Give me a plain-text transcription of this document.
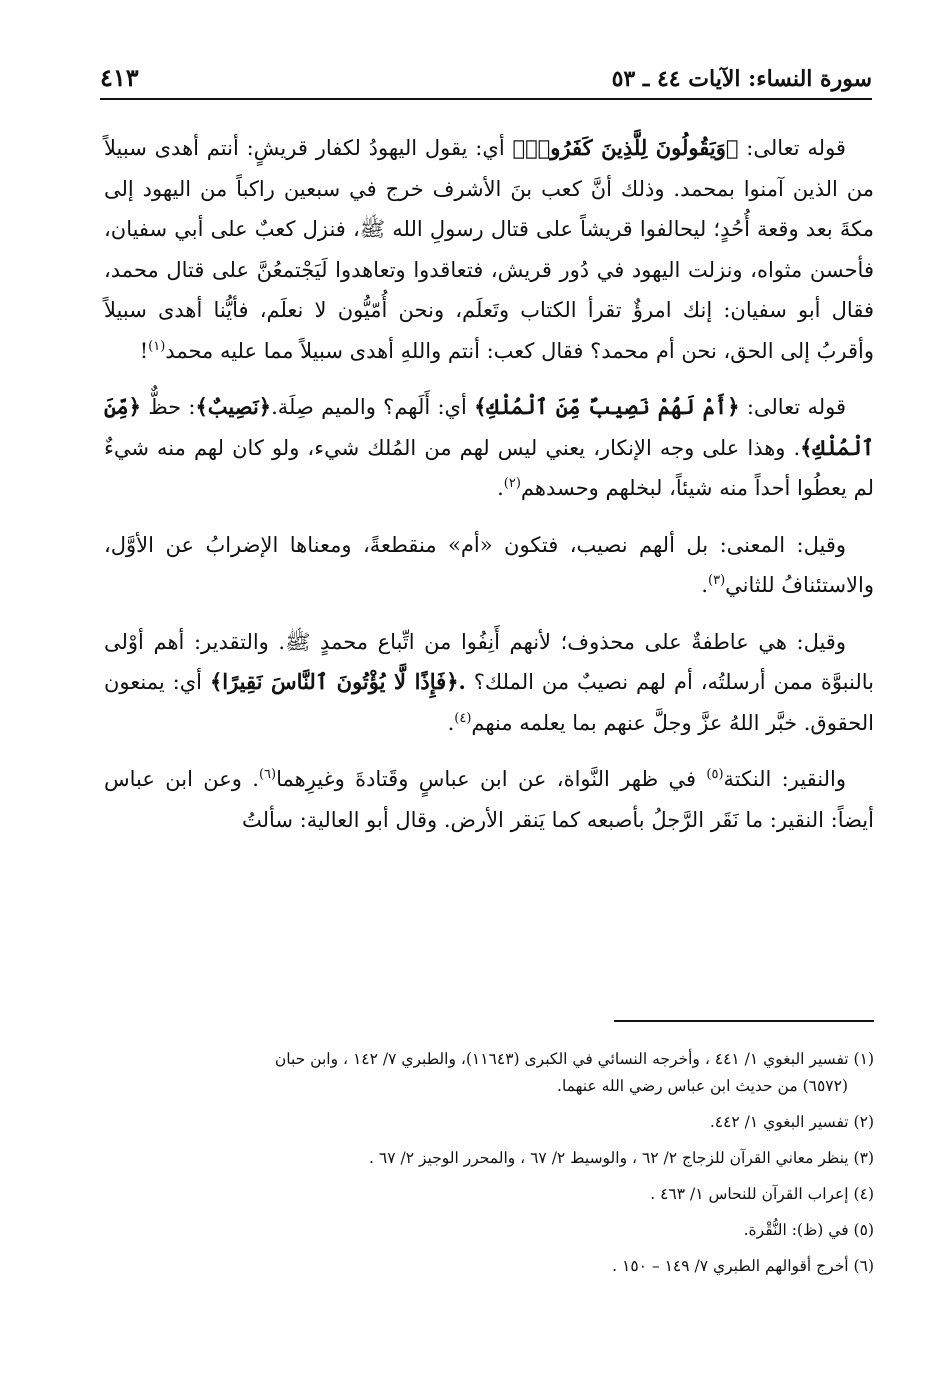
سورة النساء: الآيات ٤٤ ـ ٥٣
٤١٣

قوله تعالى: ﴿وَيَقُولُونَ لِلَّذِينَ كَفَرُوا۟﴾ أي: يقول اليهودُ لكفار قريشٍ: أنتم أهدى سبيلاً من الذين آمنوا بمحمد. وذلك أنَّ كعب بنَ الأشرف خرج في سبعين راكباً من اليهود إلى مكةَ بعد وقعة أُحُدٍ؛ ليحالفوا قريشاً على قتال رسولِ الله ﷺ، فنزل كعبٌ على أبي سفيان، فأحسن مثواه، ونزلت اليهود في دُور قريش، فتعاقدوا وتعاهدوا لَيَجْتمعُنَّ على قتال محمد، فقال أبو سفيان: إنك امرؤٌ تقرأ الكتاب وتَعلَم، ونحن أُمّيُّون لا نعلَم، فأيُّنا أهدى سبيلاً وأقربُ إلى الحق، نحن أم محمد؟ فقال كعب: أنتم واللهِ أهدى سبيلاً مما عليه محمد$^{(١)}$!

قوله تعالى: ﴿أَمْ لَهُمْ نَصِيبٌ مِّنَ ٱلْمُلْكِ﴾ أي: أَلَهم؟ والميم صِلَة.﴿نَصِيبٌ﴾: حظٌّ ﴿مِّنَ ٱلْمُلْكِ﴾. وهذا على وجه الإنكار، يعني ليس لهم من المُلك شيء، ولو كان لهم منه شيءٌ لم يعطُوا أحداً منه شيئاً، لبخلهم وحسدهم$^{(٢)}$.

وقيل: المعنى: بل ألهم نصيب، فتكون «أم» منقطعةً، ومعناها الإضرابُ عن الأوَّل، والاستئنافُ للثاني$^{(٣)}$.

وقيل: هي عاطفةٌ على محذوف؛ لأنهم أَنِفُوا من اتِّباع محمدٍ ﷺ. والتقدير: أهم أوْلى بالنبوَّة ممن أرسلتُه، أم لهم نصيبٌ من الملك؟ .﴿فَإِذًا لَّا يُؤْتُونَ ٱلنَّاسَ نَقِيرًا﴾ أي: يمنعون الحقوق. خبَّر اللهُ عزَّ وجلَّ عنهم بما يعلمه منهم$^{(٤)}$.

والنقير: النكتة$^{(٥)}$ في ظهر النَّواة، عن ابن عباسٍ وقَتادةَ وغيرِهما$^{(٦)}$. وعن ابن عباس أيضاً: النقير: ما نَقَر الرَّجلُ بأصبعه كما يَنقر الأرض. وقال أبو العالية: سألتُ

(١) تفسير البغوي ١/ ٤٤١ ، وأخرجه النسائي في الكبرى (١١٦٤٣)، والطبري ٧/ ١٤٢ ، وابن حبان
(٦٥٧٢) من حديث ابن عباس رضي الله عنهما.
(٢) تفسير البغوي ١/ ٤٤٢.
(٣) ينظر معاني القرآن للزجاج ٢/ ٦٢ ، والوسيط ٢/ ٦٧ ، والمحرر الوجيز ٢/ ٦٧ .
(٤) إعراب القرآن للنحاس ١/ ٤٦٣ .
(٥) في (ظ): النُّقْرة.
(٦) أخرج أقوالهم الطبري ٧/ ١٤٩ – ١٥٠ .
